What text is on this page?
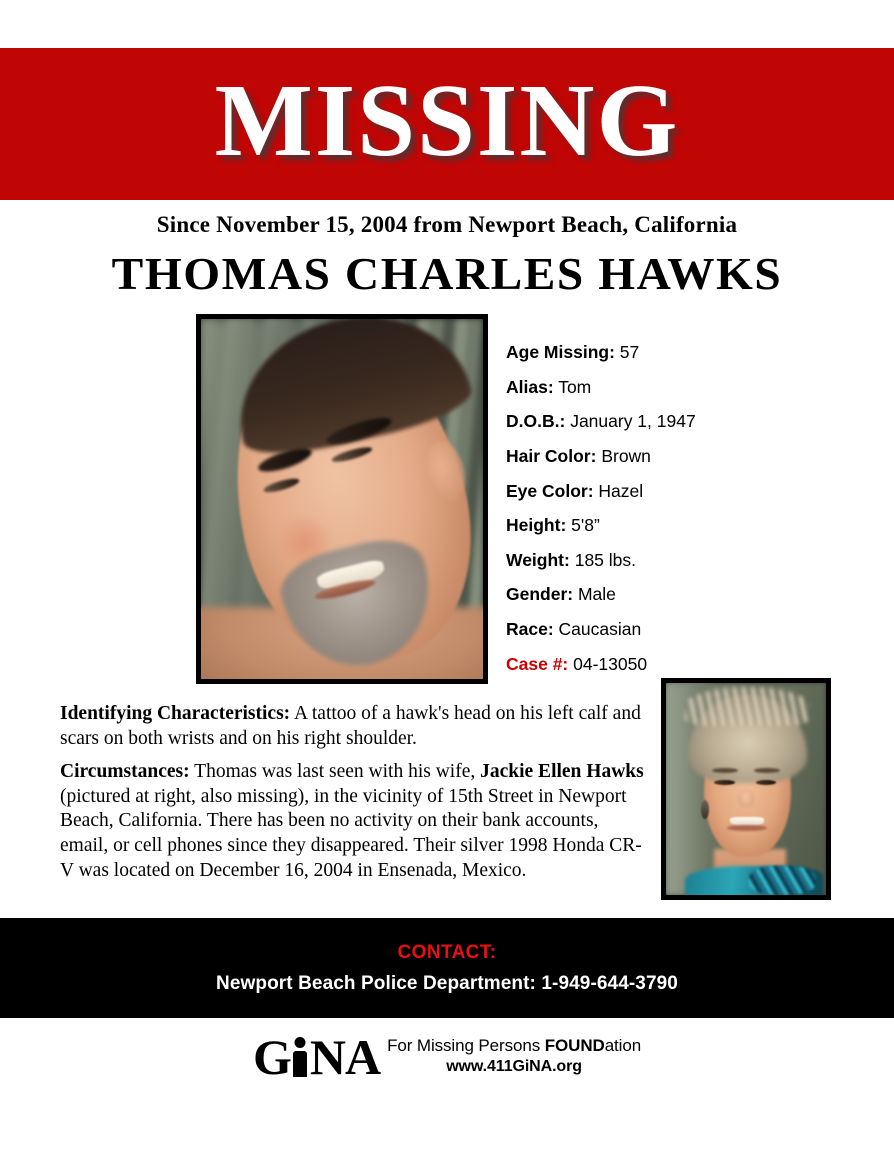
MISSING
Since November 15, 2004 from Newport Beach, California
THOMAS CHARLES HAWKS
Age Missing: 57
Alias: Tom
D.O.B.: January 1, 1947
Hair Color: Brown
Eye Color: Hazel
Height: 5'8”
Weight: 185 lbs.
Gender: Male
Race: Caucasian
Case #: 04-13050

Identifying Characteristics: A tattoo of a hawk's head on his left calf and scars on both wrists and on his right shoulder.

Circumstances: Thomas was last seen with his wife, Jackie Ellen Hawks (pictured at right, also missing), in the vicinity of 15th Street in Newport Beach, California. There has been no activity on their bank accounts, email, or cell phones since they disappeared. Their silver 1998 Honda CR-V was located on December 16, 2004 in Ensenada, Mexico.

CONTACT:
Newport Beach Police Department: 1-949-644-3790
G NA For Missing Persons FOUNDation
www.411GiNA.org
